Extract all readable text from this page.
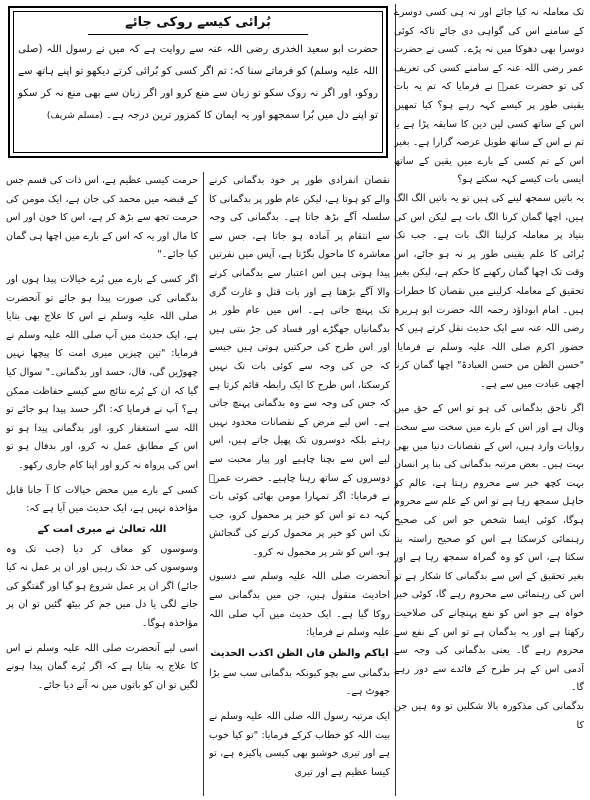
تک معاملہ نہ کیا جائے اور نہ ہی کسی دوسرے کے سامنے اس کی گواہی دی جائے تاکہ کوئی دوسرا بھی دھوکا میں نہ پڑے۔ کسی نے حضرت عمر رضی اللہ عنہ کے سامنے کسی کی تعریف کی تو حضرت عمرؓ نے فرمایا کہ تم یہ بات یقینی طور پر کیسے کہہ رہے ہو؟ کیا تمھیں اس کے ساتھ کسی لین دین کا سابقہ پڑا ہے یا تم نے اس کے ساتھ طویل عرصہ گزارا ہے۔ بغیر اس کے تم کسی کے بارے میں یقین کے ساتھ ایسی بات کیسے کہہ سکتے ہو؟

یہ باتیں سمجھ لینے کی ہیں تو یہ باتیں الگ الگ ہیں، اچھا گمان کرنا الگ بات ہے لیکن اس کی بنیاد پر معاملہ کرلینا الگ بات ہے۔ جب تک بُرائی کا علم یقینی طور پر نہ ہو جائے، اس وقت تک اچھا گمان رکھنے کا حکم ہے، لیکن بغیر تحقیق کے معاملہ کرلینے میں نقصان کا خطرات ہیں۔ امام ابوداؤد رحمہ اللہ حضرت ابو ہریرہ رضی اللہ عنہ سے ایک حدیث نقل کرتے ہیں کہ حضور اکرم صلی اللہ علیہ وسلم نے فرمایا: "حسن الظن من حسن العبادۃ" اچھا گمان کرنا اچھی عبادت میں سے ہے۔

اگر ناحق بدگمانی کی ہو تو اس کے حق میں وبال ہے اور اس کے بارے میں سخت سے سخت روایات وارد ہیں، اس کے نقصانات دنیا میں بھی بہت ہیں۔ بعض مرتبہ بدگمانی کی بنا پر انسان بہت کچھ خیر سے محروم رہتا ہے، عالم کو جاہل سمجھ رہا ہے تو اس کے علم سے محروم ہوگا، کوئی ایسا شخص جو اس کی صحیح رہنمائی کرسکتا ہے اس کو صحیح راستہ بتا سکتا ہے، اس کو وہ گمراہ سمجھ رہا ہے اور بغیر تحقیق کے اس سے بدگمانی کا شکار ہے تو اس کی رہنمائی سے محروم رہے گا، کوئی خیر خواہ ہے جو اس کو نفع پہنچانے کی صلاحیت رکھتا ہے اور یہ بدگمان ہے تو اس کے نفع سے محروم رہے گا۔ یعنی بدگمانی کی وجہ سے آدمی اس کے ہر طرح کے فائدے سے دور رہے گا۔

بدگمانی کی مذکورہ بالا شکلیں تو وہ ہیں جن کا

بُرائی کیسے روکی جائے

حضرت ابو سعید الخدری رضی اللہ عنہ سے روایت ہے کہ میں نے رسول اللہ (صلی اللہ علیہ وسلم) کو فرماتے سنا کہ: تم اگر کسی کو بُرائی کرتے دیکھو تو اپنے ہاتھ سے روکو، اور اگر نہ روک سکو تو زبان سے منع کرو اور اگر زبان سے بھی منع نہ کر سکو تو اپنے دل میں بُرا سمجھو اور یہ ایمان کا کمزور ترین درجہ ہے۔ (مسلم شریف)

نقصان انفرادی طور پر خود بدگمانی کرنے والے کو ہوتا ہے، لیکن عام طور پر بدگمانی کا سلسلہ آگے بڑھ جاتا ہے۔ بدگمانی کی وجہ سے انتقام پر آمادہ ہو جاتا ہے، جس سے معاشرہ کا ماحول بگڑتا ہے، آپس میں نفرتیں پیدا ہوتی ہیں اس اعتبار سے بدگمانی کرنے والا آگے بڑھتا ہے اور بات قتل و غارت گری تک پہنچ جاتی ہے۔ اس میں عام طور پر بدگمانیاں جھگڑے اور فساد کی جڑ بنتی ہیں اور اس طرح کی حرکتیں ہوتی ہیں جیسے کہ جن کی وجہ سے کوئی بات تک نہیں کرسکتا، اس طرح کا ایک رابطہ قائم کرتا ہے کہ جس کی وجہ سے وہ بدگمانی پہنچ جاتی ہے۔ اس لیے مرض کے نقصانات محدود نہیں رہتے بلکہ دوسروں تک پھیل جاتے ہیں، اس لیے اس سے بچنا چاہیے اور پیار محبت سے دوسروں کے ساتھ رہنا چاہیے۔ حضرت عمرؓ نے فرمایا: اگر تمہارا مومن بھائی کوئی بات کہہ دے تو اس کو خیر پر محمول کرو، جب تک اس کو خیر پر محمول کرنے کی گنجائش ہو، اس کو شر پر محمول نہ کرو۔

آنحضرت صلی اللہ علیہ وسلم سے دسیوں احادیث منقول ہیں، جن میں بدگمانی سے روکا گیا ہے۔ ایک حدیث میں آپ صلی اللہ علیہ وسلم نے فرمایا:

ایاکم والظن فان الظن اکذب الحدیث

بدگمانی سے بچو کیونکہ بدگمانی سب سے بڑا جھوٹ ہے۔

ایک مرتبہ رسول اللہ صلی اللہ علیہ وسلم نے بیت اللہ کو خطاب کرکے فرمایا: "تو کیا خوب ہے اور تیری خوشبو بھی کیسی پاکیزہ ہے، تو کیسا عظیم ہے اور تیری

حرمت کیسی عظیم ہے، اس ذات کی قسم جس کے قبضہ میں محمد کی جان ہے، ایک مومن کی حرمت تجھ سے بڑھ کر ہے، اس کا خون اور اس کا مال اور یہ کہ اس کے بارے میں اچھا ہی گمان کیا جائے۔"

اگر کسی کے بارے میں بُرے خیالات پیدا ہوں اور بدگمانی کی صورت پیدا ہو جائے تو آنحضرت صلی اللہ علیہ وسلم نے اس کا علاج بھی بتایا ہے، ایک حدیث میں آپ صلی اللہ علیہ وسلم نے فرمایا: "تین چیزیں میری امت کا پیچھا نہیں چھوڑیں گی، فال، حسد اور بدگمانی۔" سوال کیا گیا کہ ان کے بُرے نتائج سے کیسے حفاظت ممکن ہے؟ آپ نے فرمایا کہ: اگر حسد پیدا ہو جائے تو اللہ سے استغفار کرو، اور بدگمانی پیدا ہو تو اس کے مطابق عمل نہ کرو، اور بدفال ہو تو اس کی پرواہ نہ کرو اور اپنا کام جاری رکھو۔

کسی کے بارے میں محض خیالات کا آ جانا قابل مؤاخذہ نہیں ہے، ایک حدیث میں آیا ہے کہ:

اللہ تعالیٰ نے میری امت کے

وسوسوں کو معاف کر دیا (جب تک وہ وسوسوں کی حد تک رہیں اور ان پر عمل نہ کیا جائے) اگر ان پر عمل شروع ہو گیا اور گفتگو کی جانے لگی یا دل میں جم کر بیٹھ گئیں تو ان پر مؤاخذہ ہوگا۔

اسی لیے آنحضرت صلی اللہ علیہ وسلم نے اس کا علاج یہ بتایا ہے کہ اگر بُرے گمان پیدا ہونے لگیں تو ان کو باتوں میں نہ آنے دیا جائے۔
